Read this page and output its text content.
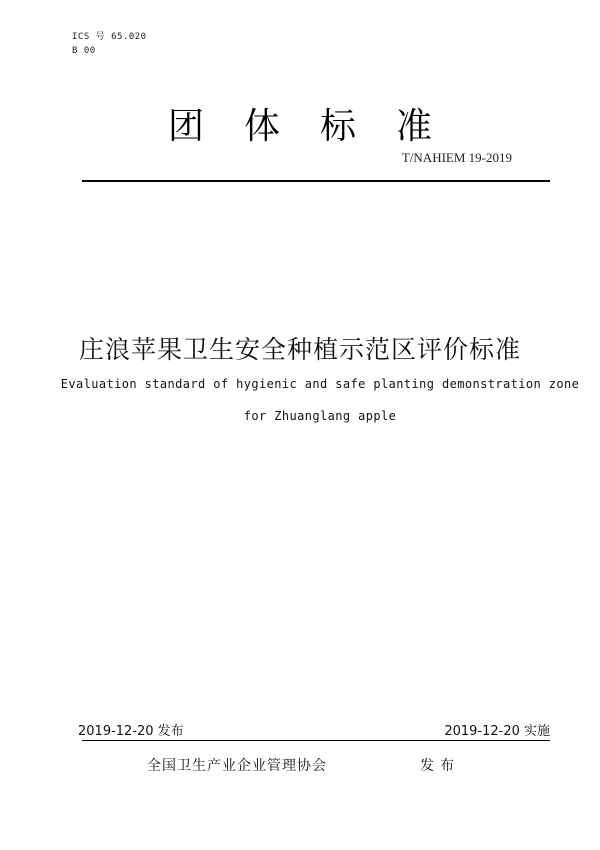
ICS 号 65.020
B 00
团体标准
T/NAHIEM 19-2019
庄浪苹果卫生安全种植示范区评价标准
Evaluation standard of hygienic and safe planting demonstration zone
for Zhuanglang apple
2019-12-20 发布	2019-12-20 实施
全国卫生产业企业管理协会	发布
